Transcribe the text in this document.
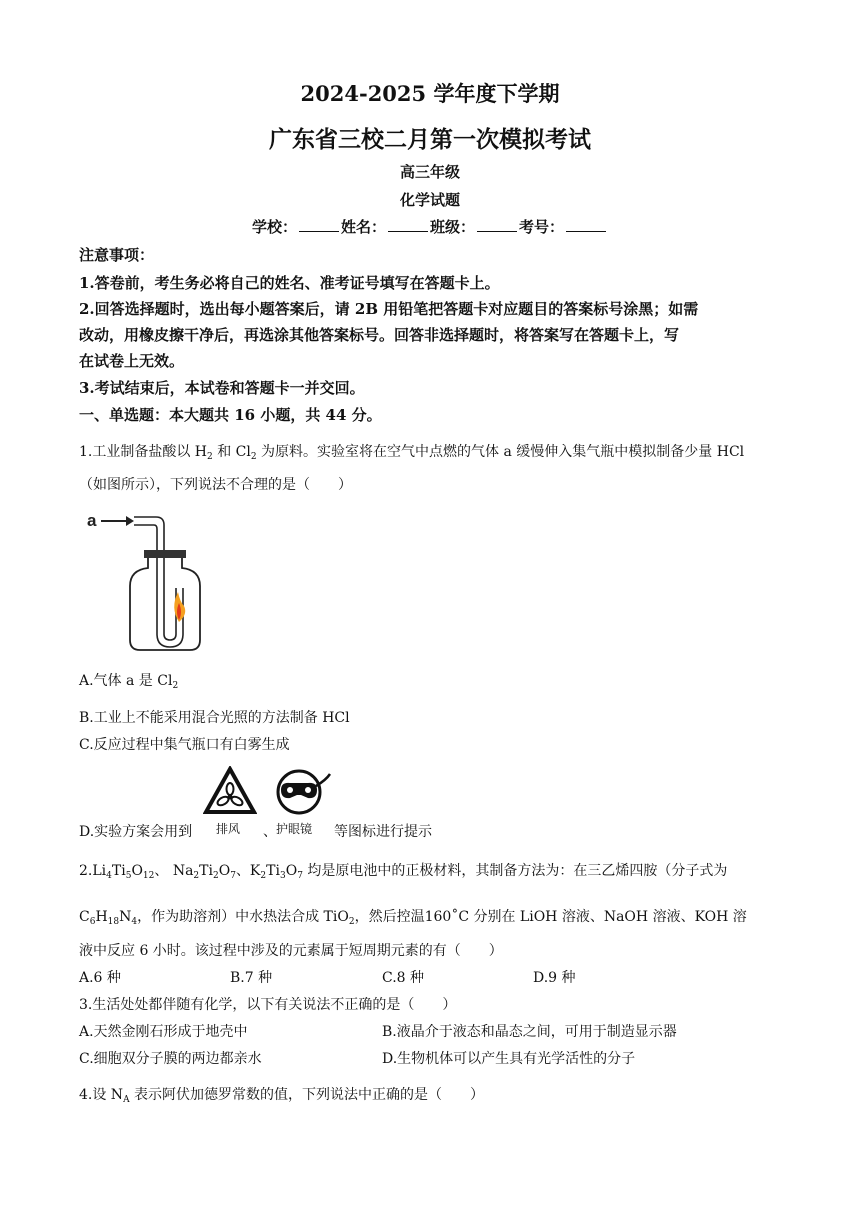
2024-2025 学年度下学期
广东省三校二月第一次模拟考试
高三年级
化学试题
学校：	姓名：	班级：	考号：
注意事项：
1.答卷前，考生务必将自己的姓名、准考证号填写在答题卡上。
2.回答选择题时，选出每小题答案后，请 2B 用铅笔把答题卡对应题目的答案标号涂黑；如需
改动，用橡皮擦干净后，再选涂其他答案标号。回答非选择题时，将答案写在答题卡上，写
在试卷上无效。
3.考试结束后，本试卷和答题卡一并交回。
一、单选题：本大题共 16 小题，共 44 分。
1.工业制备盐酸以 $H_2$ 和 $Cl_2$ 为原料。实验室将在空气中点燃的气体 a 缓慢伸入集气瓶中模拟制备少量 HCl
（如图所示），下列说法不合理的是（　　）
a
A.气体 a 是 $Cl_2$
B.工业上不能采用混合光照的方法制备 HCl
C.反应过程中集气瓶口有白雾生成
D.实验方案会用到 排风 、 护眼镜 等图标进行提示
$2.Li_4Ti_5O_{12}$、 $Na_2Ti_2O_7$、$K_2Ti_3O_7$ 均是原电池中的正极材料，其制备方法为：在三乙烯四胺（分子式为
$C_6H_{18}N_4$，作为助溶剂）中水热法合成 TiO$_2$，然后控温160˚C 分别在 LiOH 溶液、NaOH 溶液、KOH 溶
液中反应 6 小时。该过程中涉及的元素属于短周期元素的有（　　）
A.6 种	B.7 种	C.8 种	D.9 种
3.生活处处都伴随有化学，以下有关说法不正确的是（　　）
A.天然金刚石形成于地壳中	B.液晶介于液态和晶态之间，可用于制造显示器
C.细胞双分子膜的两边都亲水	D.生物机体可以产生具有光学活性的分子
4.设 $N_A$ 表示阿伏加德罗常数的值，下列说法中正确的是（　　）
